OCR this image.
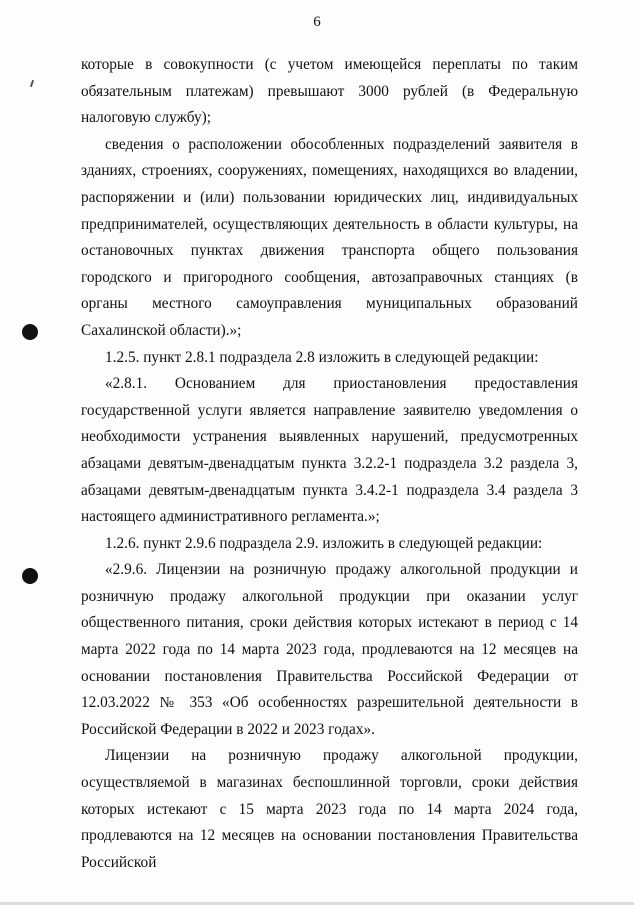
6

которые в совокупности (с учетом имеющейся переплаты по таким обязательным платежам) превышают 3000 рублей (в Федеральную налоговую службу);

сведения о расположении обособленных подразделений заявителя в зданиях, строениях, сооружениях, помещениях, находящихся во владении, распоряжении и (или) пользовании юридических лиц, индивидуальных предпринимателей, осуществляющих деятельность в области культуры, на остановочных пунктах движения транспорта общего пользования городского и пригородного сообщения, автозаправочных станциях (в органы местного самоуправления муниципальных образований Сахалинской области).»;

1.2.5. пункт 2.8.1 подраздела 2.8 изложить в следующей редакции:

«2.8.1. Основанием для приостановления предоставления государственной услуги является направление заявителю уведомления о необходимости устранения выявленных нарушений, предусмотренных абзацами девятым-двенадцатым пункта 3.2.2-1 подраздела 3.2 раздела 3, абзацами девятым-двенадцатым пункта 3.4.2-1 подраздела 3.4 раздела 3 настоящего административного регламента.»;

1.2.6. пункт 2.9.6 подраздела 2.9. изложить в следующей редакции:

«2.9.6. Лицензии на розничную продажу алкогольной продукции и розничную продажу алкогольной продукции при оказании услуг общественного питания, сроки действия которых истекают в период с 14 марта 2022 года по 14 марта 2023 года, продлеваются на 12 месяцев на основании постановления Правительства Российской Федерации от 12.03.2022 № 353 «Об особенностях разрешительной деятельности в Российской Федерации в 2022 и 2023 годах».

Лицензии на розничную продажу алкогольной продукции, осуществляемой в магазинах беспошлинной торговли, сроки действия которых истекают с 15 марта 2023 года по 14 марта 2024 года, продлеваются на 12 месяцев на основании постановления Правительства Российской
